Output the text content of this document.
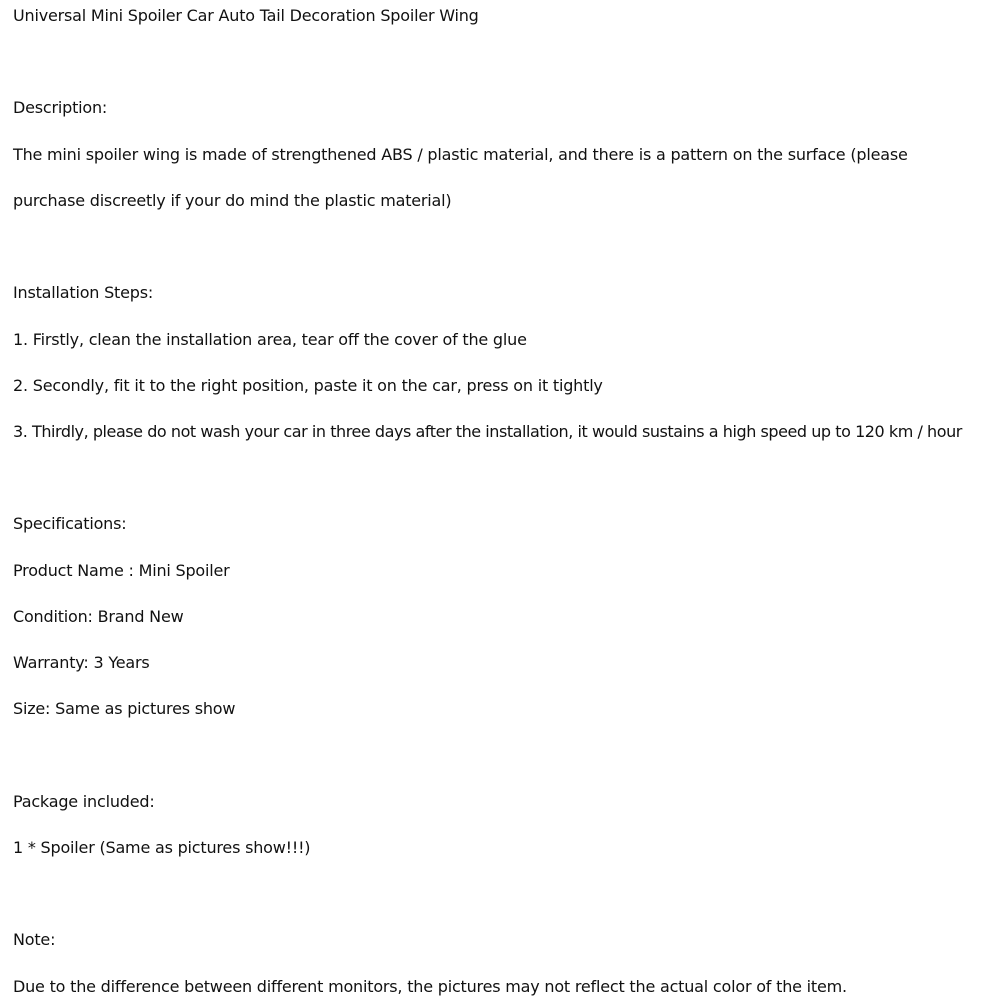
Universal Mini Spoiler Car Auto Tail Decoration Spoiler Wing
Description:
The mini spoiler wing is made of strengthened ABS / plastic material, and there is a pattern on the surface (please
purchase discreetly if your do mind the plastic material)
Installation Steps:
1. Firstly, clean the installation area, tear off the cover of the glue
2. Secondly, fit it to the right position, paste it on the car, press on it tightly
3. Thirdly, please do not wash your car in three days after the installation, it would sustains a high speed up to 120 km / hour
Specifications:
Product Name : Mini Spoiler
Condition: Brand New
Warranty: 3 Years
Size: Same as pictures show
Package included:
1 * Spoiler (Same as pictures show!!!)
Note:
Due to the difference between different monitors, the pictures may not reflect the actual color of the item.
